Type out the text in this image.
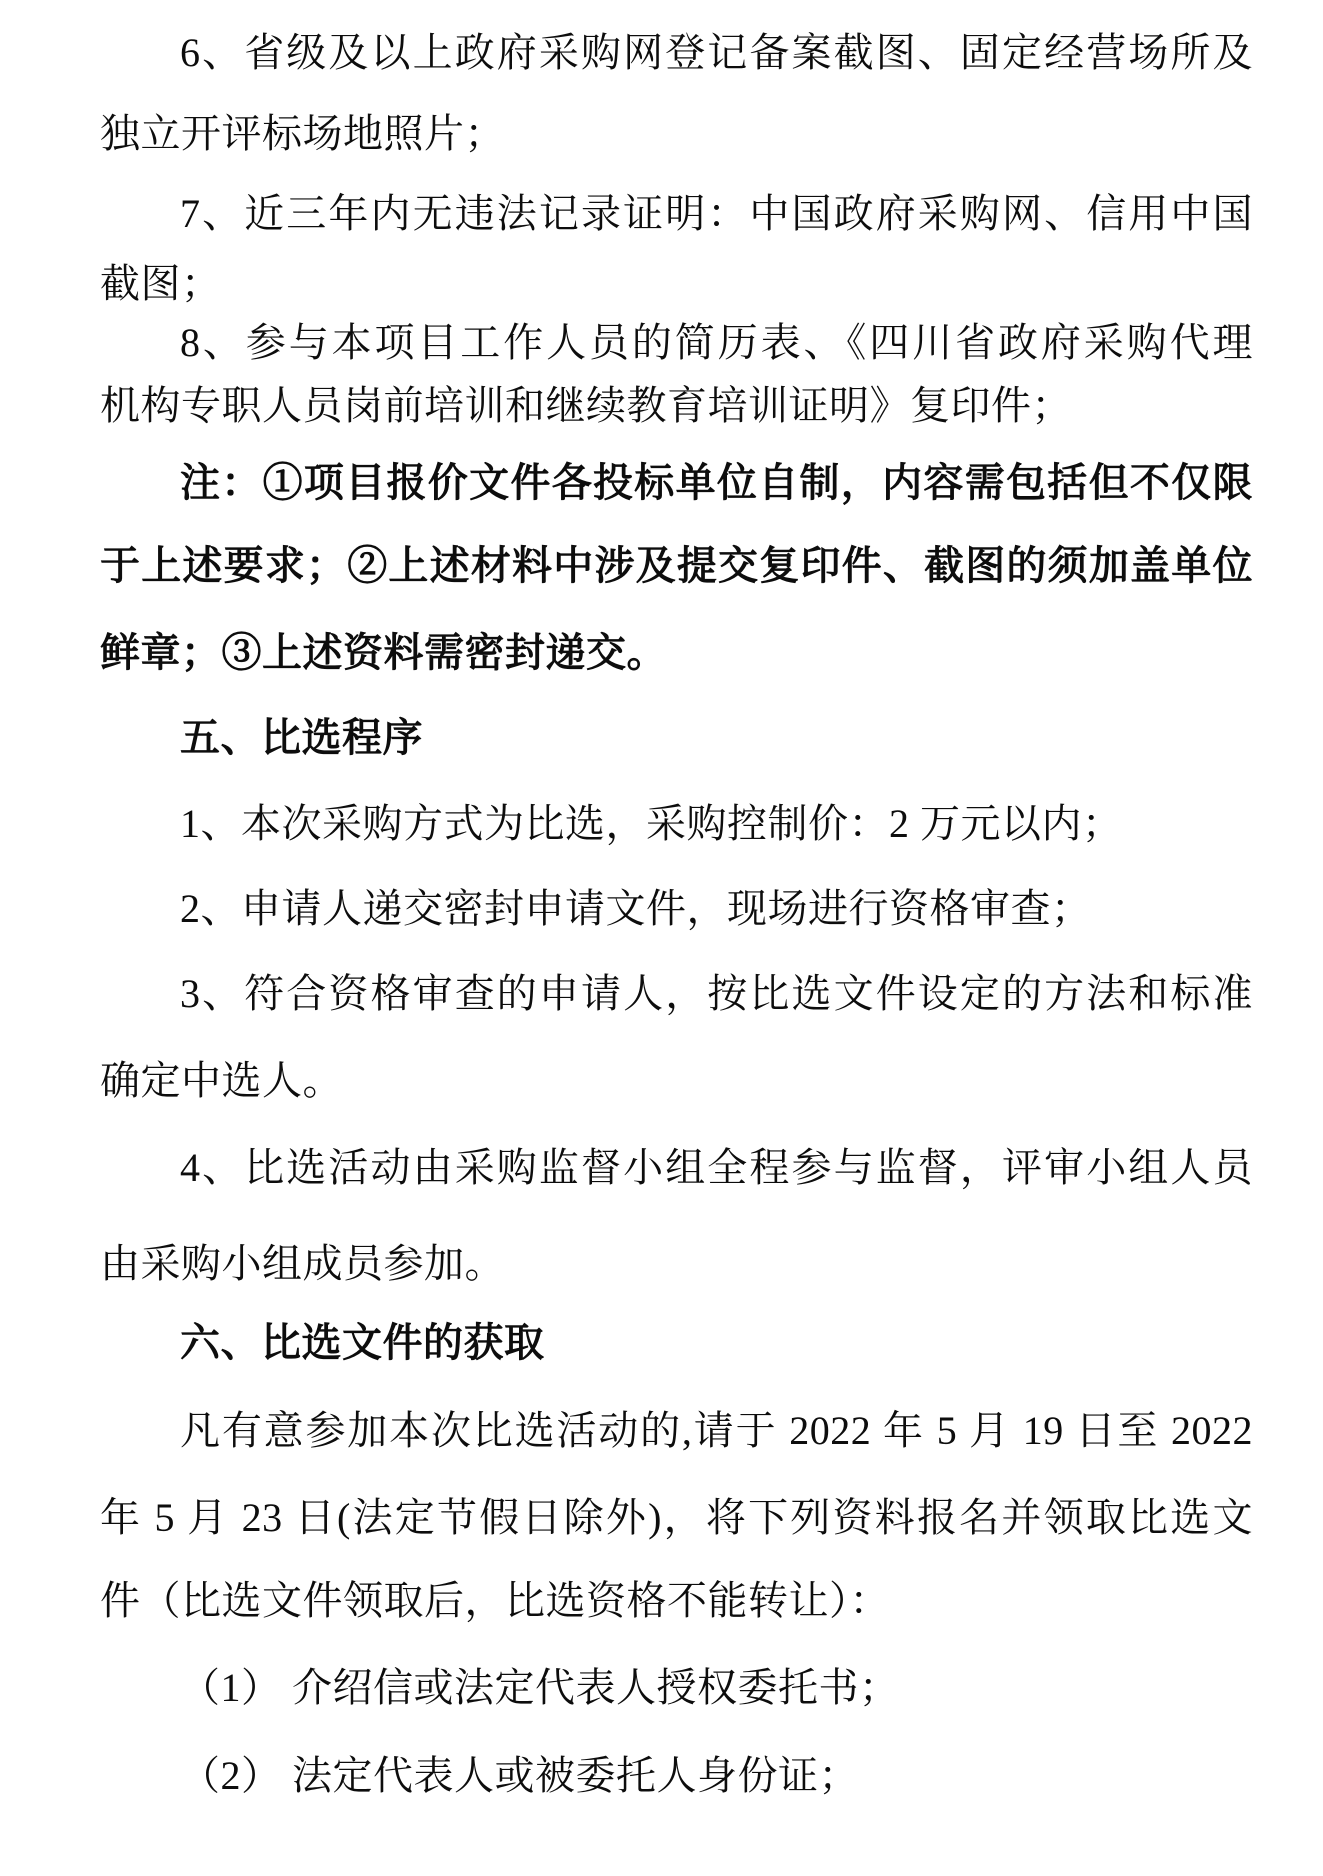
6、省级及以上政府采购网登记备案截图、固定经营场所及
独立开评标场地照片；
7、近三年内无违法记录证明：中国政府采购网、信用中国
截图；
8、参与本项目工作人员的简历表、《四川省政府采购代理
机构专职人员岗前培训和继续教育培训证明》复印件；
注：①项目报价文件各投标单位自制，内容需包括但不仅限
于上述要求；②上述材料中涉及提交复印件、截图的须加盖单位
鲜章；③上述资料需密封递交。
五、比选程序
1、本次采购方式为比选，采购控制价：2 万元以内；
2、申请人递交密封申请文件，现场进行资格审查；
3、符合资格审查的申请人，按比选文件设定的方法和标准
确定中选人。
4、比选活动由采购监督小组全程参与监督，评审小组人员
由采购小组成员参加。
六、比选文件的获取
凡有意参加本次比选活动的,请于 2022 年 5 月 19 日至 2022
年 5 月 23 日(法定节假日除外)，将下列资料报名并领取比选文
件（比选文件领取后，比选资格不能转让）：
（1） 介绍信或法定代表人授权委托书；
（2） 法定代表人或被委托人身份证；
